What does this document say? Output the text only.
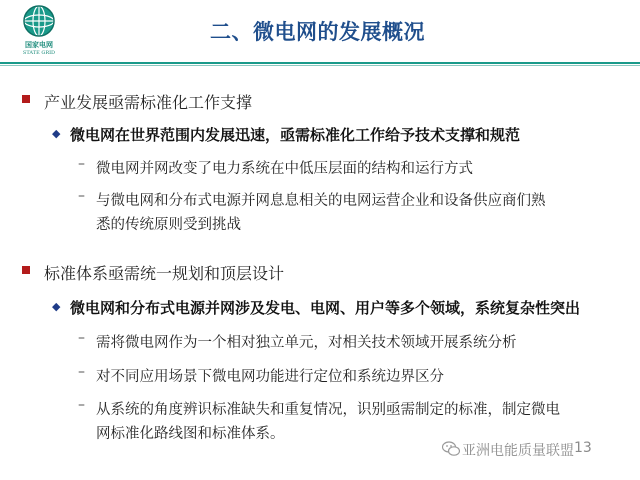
国家电网
STATE GRID
二、微电网的发展概况
产业发展亟需标准化工作支撑
◆ 微电网在世界范围内发展迅速，亟需标准化工作给予技术支撑和规范
– 微电网并网改变了电力系统在中低压层面的结构和运行方式
– 与微电网和分布式电源并网息息相关的电网运营企业和设备供应商们熟
悉的传统原则受到挑战
标准体系亟需统一规划和顶层设计
◆ 微电网和分布式电源并网涉及发电、电网、用户等多个领域，系统复杂性突出
– 需将微电网作为一个相对独立单元，对相关技术领域开展系统分析
– 对不同应用场景下微电网功能进行定位和系统边界区分
– 从系统的角度辨识标准缺失和重复情况，识别亟需制定的标准，制定微电
网标准化路线图和标准体系。
亚洲电能质量联盟 13
